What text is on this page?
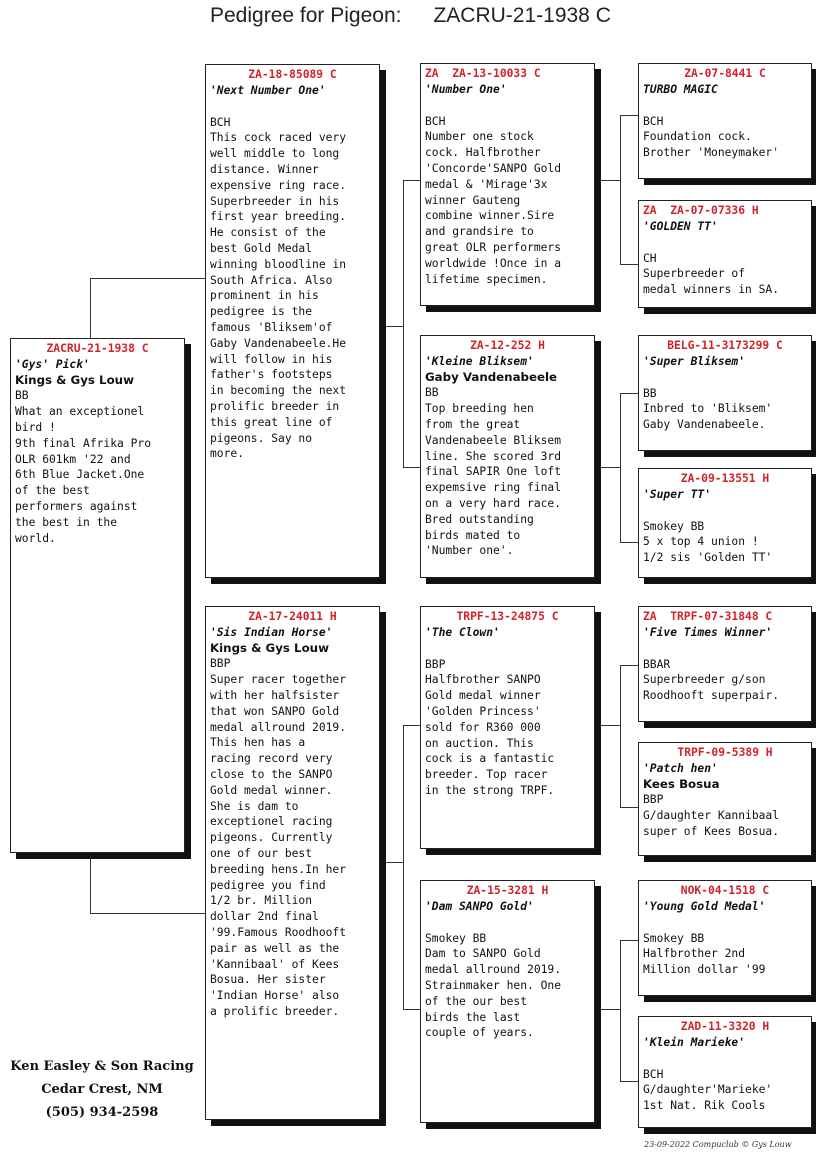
Pedigree for Pigeon: ZACRU-21-1938 C
ZACRU-21-1938 C
'Gys' Pick'
Kings & Gys Louw
BB
What an exceptionel
bird !
9th final Afrika Pro
OLR 601km '22 and
6th Blue Jacket.One
of the best
performers against
the best in the
world.
ZA-18-85089 C
'Next Number One'
BCH
This cock raced very
well middle to long
distance. Winner
expensive ring race.
Superbreeder in his
first year breeding.
He consist of the
best Gold Medal
winning bloodline in
South Africa. Also
prominent in his
pedigree is the
famous 'Bliksem'of
Gaby Vandenabeele.He
will follow in his
father's footsteps
in becoming the next
prolific breeder in
this great line of
pigeons. Say no
more.
ZA-17-24011 H
'Sis Indian Horse'
Kings & Gys Louw
BBP
Super racer together
with her halfsister
that won SANPO Gold
medal allround 2019.
This hen has a
racing record very
close to the SANPO
Gold medal winner.
She is dam to
exceptionel racing
pigeons. Currently
one of our best
breeding hens.In her
pedigree you find
1/2 br. Million
dollar 2nd final
'99.Famous Roodhooft
pair as well as the
'Kannibaal' of Kees
Bosua. Her sister
'Indian Horse' also
a prolific breeder.
ZA  ZA-13-10033 C
'Number One'
BCH
Number one stock
cock. Halfbrother
'Concorde'SANPO Gold
medal & 'Mirage'3x
winner Gauteng
combine winner.Sire
and grandsire to
great OLR performers
worldwide !Once in a
lifetime specimen.
ZA-12-252 H
'Kleine Bliksem'
Gaby Vandenabeele
BB
Top breeding hen
from the great
Vandenabeele Bliksem
line. She scored 3rd
final SAPIR One loft
expemsive ring final
on a very hard race.
Bred outstanding
birds mated to
'Number one'.
TRPF-13-24875 C
'The Clown'
BBP
Halfbrother SANPO
Gold medal winner
'Golden Princess'
sold for R360 000
on auction. This
cock is a fantastic
breeder. Top racer
in the strong TRPF.
ZA-15-3281 H
'Dam SANPO Gold'
Smokey BB
Dam to SANPO Gold
medal allround 2019.
Strainmaker hen. One
of the our best
birds the last
couple of years.
ZA-07-8441 C
TURBO MAGIC
BCH
Foundation cock.
Brother 'Moneymaker'
ZA  ZA-07-07336 H
'GOLDEN TT'
CH
Superbreeder of
medal winners in SA.
BELG-11-3173299 C
'Super Bliksem'
BB
Inbred to 'Bliksem'
Gaby Vandenabeele.
ZA-09-13551 H
'Super TT'
Smokey BB
5 x top 4 union !
1/2 sis 'Golden TT'
ZA  TRPF-07-31848 C
'Five Times Winner'
BBAR
Superbreeder g/son
Roodhooft superpair.
TRPF-09-5389 H
'Patch hen'
Kees Bosua
BBP
G/daughter Kannibaal
super of Kees Bosua.
NOK-04-1518 C
'Young Gold Medal'
Smokey BB
Halfbrother 2nd
Million dollar '99
ZAD-11-3320 H
'Klein Marieke'
BCH
G/daughter'Marieke'
1st Nat. Rik Cools
Ken Easley & Son Racing
Cedar Crest, NM
(505) 934-2598
23-09-2022 Compuclub © Gys Louw
